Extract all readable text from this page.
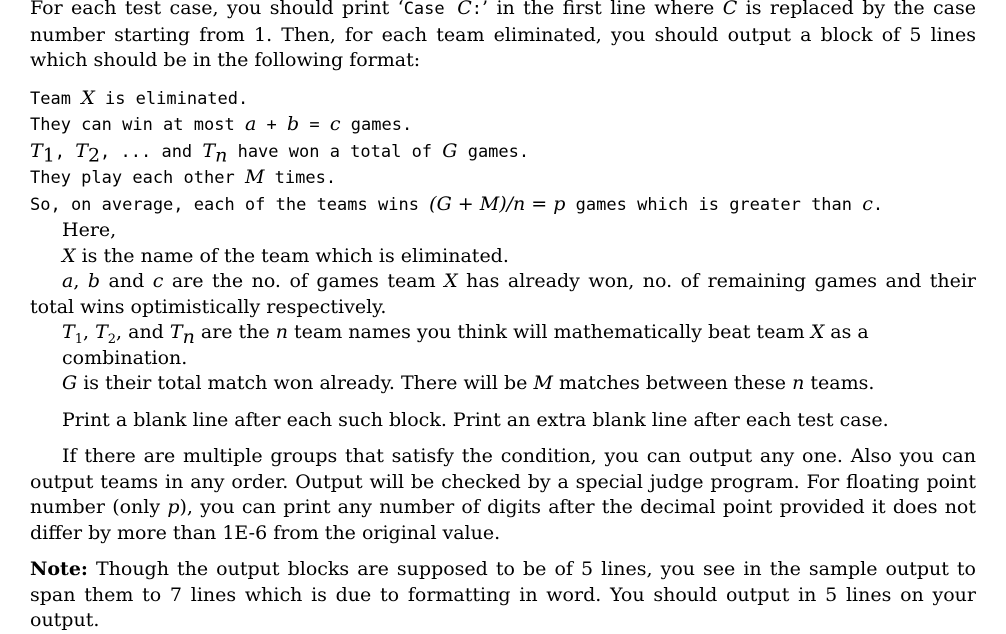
For each test case, you should print ‘Case C:’ in the first line where C is replaced by the case number starting from 1. Then, for each team eliminated, you should output a block of 5 lines which should be in the following format:

Team X is eliminated.
They can win at most a + b = c games.
$T_1$, $T_2$, ... and $T_n$ have won a total of G games.
They play each other M times.
So, on average, each of the teams wins (G + M)/n = p games which is greater than c.
Here,
X is the name of the team which is eliminated.

a, b and c are the no. of games team X has already won, no. of remaining games and their total wins optimistically respectively.

$T_1$, $T_2$, and $T_n$ are the n team names you think will mathematically beat team X as a combination.
G is their total match won already. There will be M matches between these n teams.

Print a blank line after each such block. Print an extra blank line after each test case.

If there are multiple groups that satisfy the condition, you can output any one. Also you can output teams in any order. Output will be checked by a special judge program. For floating point number (only p), you can print any number of digits after the decimal point provided it does not differ by more than 1E-6 from the original value.

Note: Though the output blocks are supposed to be of 5 lines, you see in the sample output to span them to 7 lines which is due to formatting in word. You should output in 5 lines on your output.
